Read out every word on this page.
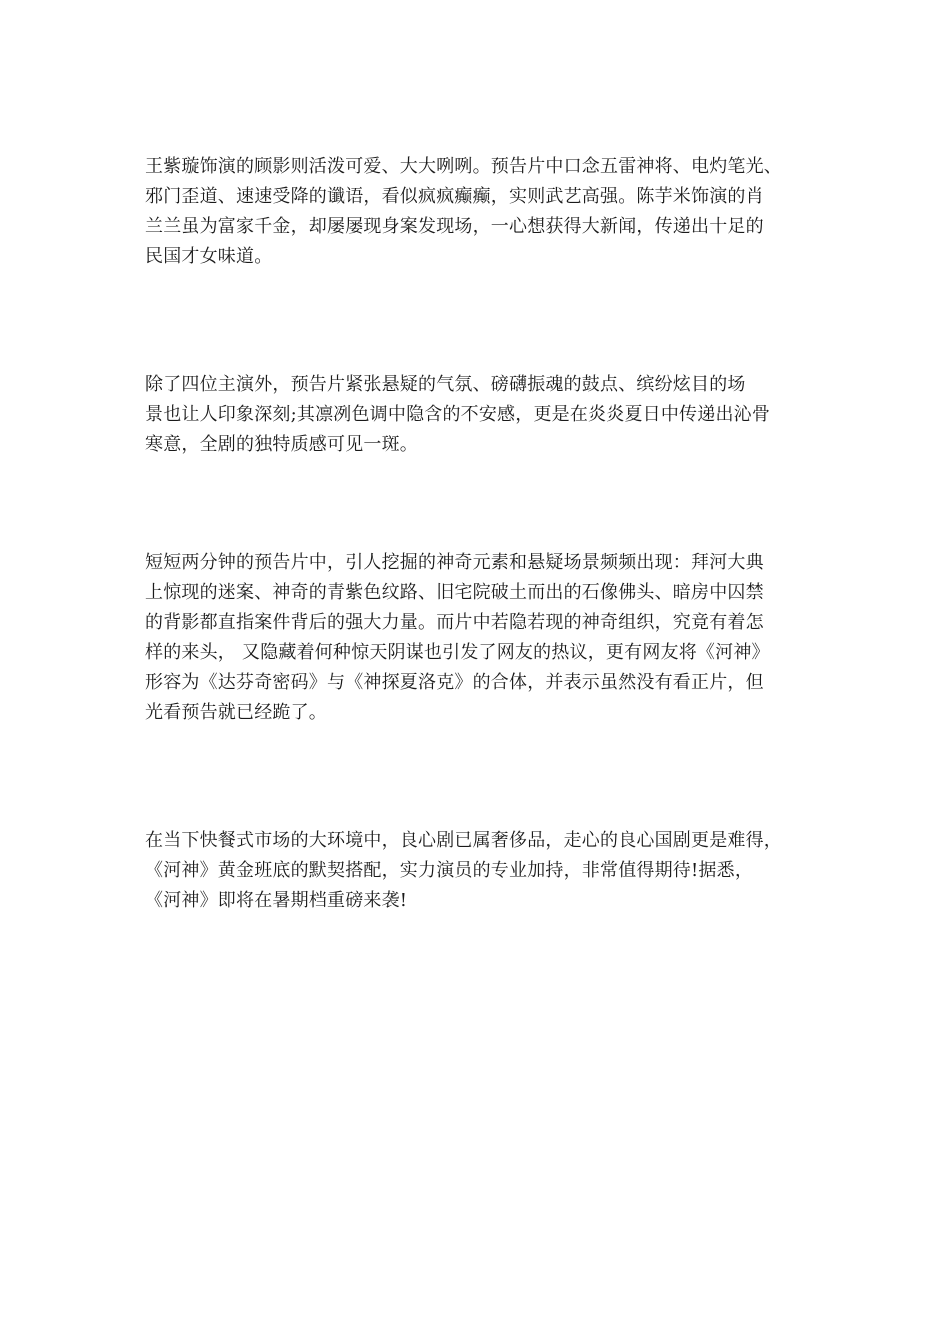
王紫璇饰演的顾影则活泼可爱、大大咧咧。预告片中口念五雷神将、电灼笔光、
邪门歪道、速速受降的谶语，看似疯疯癫癫，实则武艺高强。陈芋米饰演的肖
兰兰虽为富家千金，却屡屡现身案发现场，一心想获得大新闻，传递出十足的
民国才女味道。
除了四位主演外，预告片紧张悬疑的气氛、磅礴振魂的鼓点、缤纷炫目的场
景也让人印象深刻;其凛冽色调中隐含的不安感，更是在炎炎夏日中传递出沁骨
寒意，全剧的独特质感可见一斑。
短短两分钟的预告片中，引人挖掘的神奇元素和悬疑场景频频出现：拜河大典
上惊现的迷案、神奇的青紫色纹路、旧宅院破土而出的石像佛头、暗房中囚禁
的背影都直指案件背后的强大力量。而片中若隐若现的神奇组织，究竟有着怎
样的来头， 又隐藏着何种惊天阴谋也引发了网友的热议，更有网友将《河神》
形容为《达芬奇密码》与《神探夏洛克》的合体，并表示虽然没有看正片，但
光看预告就已经跪了。
在当下快餐式市场的大环境中，良心剧已属奢侈品，走心的良心国剧更是难得，
《河神》黄金班底的默契搭配，实力演员的专业加持，非常值得期待!据悉，
《河神》即将在暑期档重磅来袭!
